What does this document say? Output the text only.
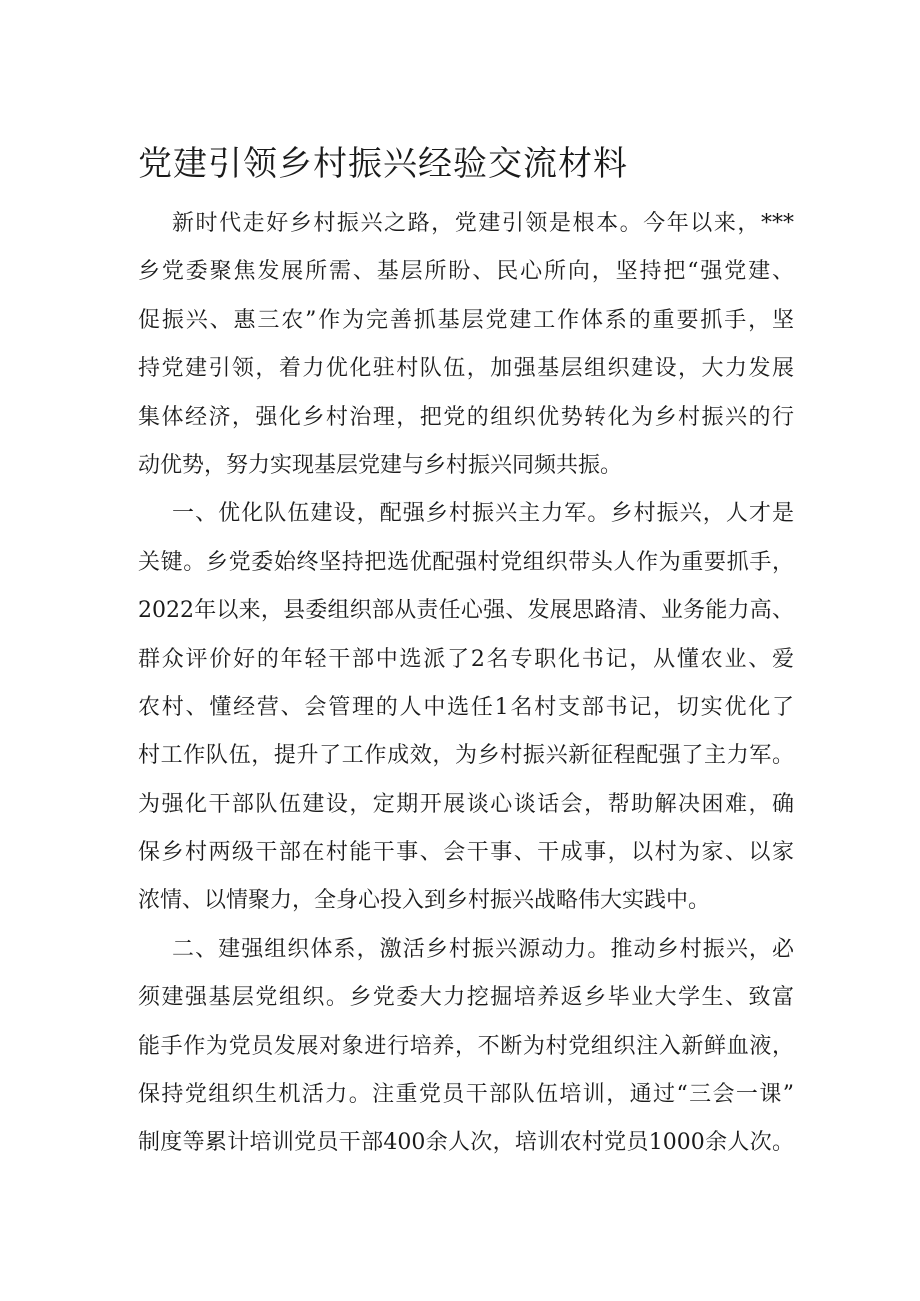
党建引领乡村振兴经验交流材料
新时代走好乡村振兴之路，党建引领是根本。今年以来，***
乡党委聚焦发展所需、基层所盼、民心所向，坚持把“强党建、
促振兴、惠三农”作为完善抓基层党建工作体系的重要抓手，坚
持党建引领，着力优化驻村队伍，加强基层组织建设，大力发展
集体经济，强化乡村治理，把党的组织优势转化为乡村振兴的行
动优势，努力实现基层党建与乡村振兴同频共振。
一、优化队伍建设，配强乡村振兴主力军。乡村振兴，人才是
关键。乡党委始终坚持把选优配强村党组织带头人作为重要抓手，
2022年以来，县委组织部从责任心强、发展思路清、业务能力高、
群众评价好的年轻干部中选派了2名专职化书记，从懂农业、爱
农村、懂经营、会管理的人中选任1名村支部书记，切实优化了
村工作队伍，提升了工作成效，为乡村振兴新征程配强了主力军。
为强化干部队伍建设，定期开展谈心谈话会，帮助解决困难，确
保乡村两级干部在村能干事、会干事、干成事，以村为家、以家
浓情、以情聚力，全身心投入到乡村振兴战略伟大实践中。
二、建强组织体系，激活乡村振兴源动力。推动乡村振兴，必
须建强基层党组织。乡党委大力挖掘培养返乡毕业大学生、致富
能手作为党员发展对象进行培养，不断为村党组织注入新鲜血液，
保持党组织生机活力。注重党员干部队伍培训，通过“三会一课”
制度等累计培训党员干部400余人次，培训农村党员1000余人次。
